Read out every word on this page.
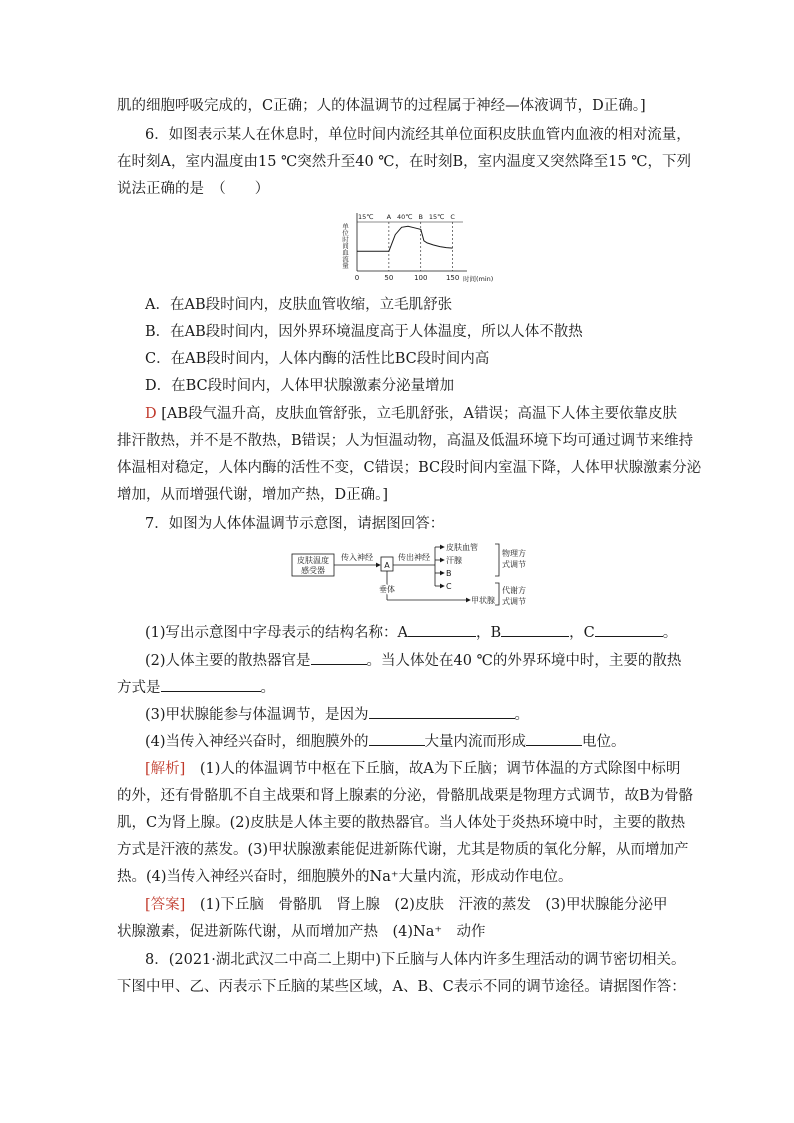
肌的细胞呼吸完成的，C正确；人的体温调节的过程属于神经—体液调节，D正确。]
6．如图表示某人在休息时，单位时间内流经其单位面积皮肤血管内血液的相对流量，
在时刻A，室内温度由15 ℃突然升至40 ℃，在时刻B，室内温度又突然降至15 ℃，下列
说法正确的是　（　　）
单位时间血流量
0	50	100	150 时间(min)
15℃ A 40℃ B 15℃ C
A．在AB段时间内，皮肤血管收缩，立毛肌舒张
B．在AB段时间内，因外界环境温度高于人体温度，所以人体不散热
C．在AB段时间内，人体内酶的活性比BC段时间内高
D．在BC段时间内，人体甲状腺激素分泌量增加
D [AB段气温升高，皮肤血管舒张，立毛肌舒张，A错误；高温下人体主要依靠皮肤
排汗散热，并不是不散热，B错误；人为恒温动物，高温及低温环境下均可通过调节来维持
体温相对稳定，人体内酶的活性不变，C错误；BC段时间内室温下降，人体甲状腺激素分泌
增加，从而增强代谢，增加产热，D正确。]
7．如图为人体体温调节示意图，请据图回答：
皮肤温度
感受器
传入神经
A
传出神经
皮肤血管
汗腺
B
C
物理方
式调节
垂体
甲状腺
代谢方
式调节
(1)写出示意图中字母表示的结构名称：A	，B	，C	。
(2)人体主要的散热器官是	。当人体处在40 ℃的外界环境中时，主要的散热
方式是	。
(3)甲状腺能参与体温调节，是因为	。
(4)当传入神经兴奋时，细胞膜外的	大量内流而形成	电位。
[解析]　(1)人的体温调节中枢在下丘脑，故A为下丘脑；调节体温的方式除图中标明
的外，还有骨骼肌不自主战栗和肾上腺素的分泌，骨骼肌战栗是物理方式调节，故B为骨骼
肌，C为肾上腺。(2)皮肤是人体主要的散热器官。当人体处于炎热环境中时，主要的散热
方式是汗液的蒸发。(3)甲状腺激素能促进新陈代谢，尤其是物质的氧化分解，从而增加产
热。(4)当传入神经兴奋时，细胞膜外的Na⁺大量内流，形成动作电位。
[答案]　(1)下丘脑　骨骼肌　肾上腺　(2)皮肤　汗液的蒸发　(3)甲状腺能分泌甲
状腺激素，促进新陈代谢，从而增加产热　(4)Na⁺　动作
8．(2021·湖北武汉二中高二上期中)下丘脑与人体内许多生理活动的调节密切相关。
下图中甲、乙、丙表示下丘脑的某些区域，A、B、C表示不同的调节途径。请据图作答：
